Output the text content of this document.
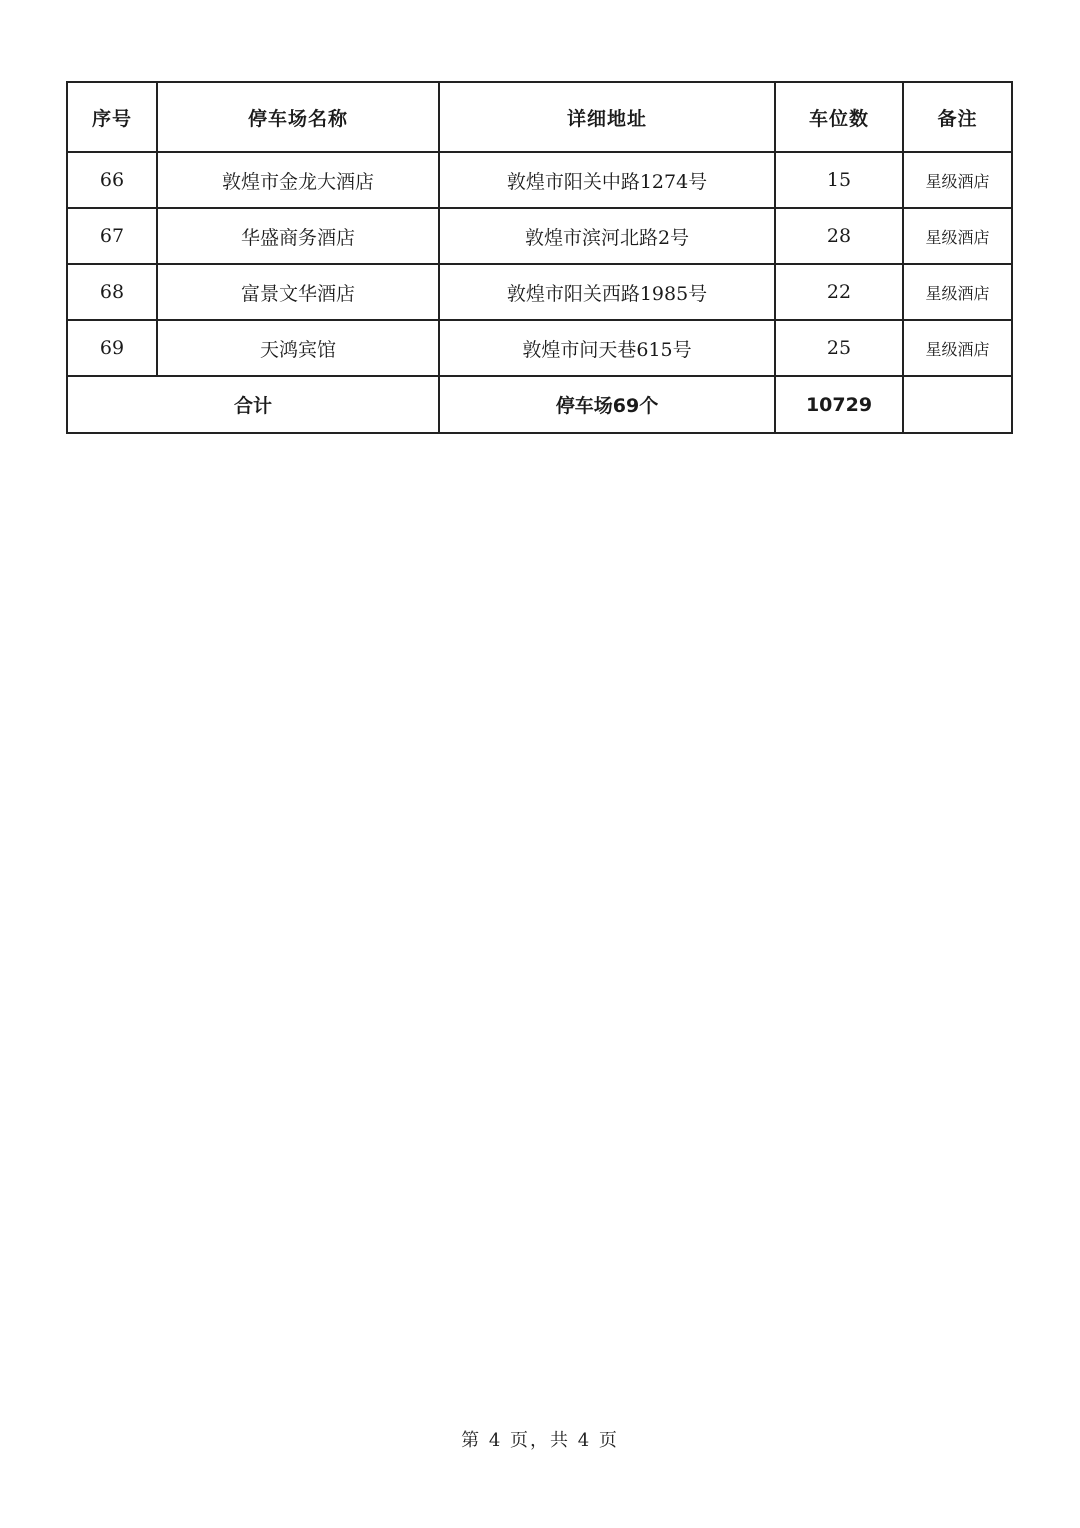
序号	停车场名称	详细地址	车位数	备注
66	敦煌市金龙大酒店	敦煌市阳关中路1274号	15	星级酒店
67	华盛商务酒店	敦煌市滨河北路2号	28	星级酒店
68	富景文华酒店	敦煌市阳关西路1985号	22	星级酒店
69	天鸿宾馆	敦煌市问天巷615号	25	星级酒店
合计		停车场69个	10729	
第 4 页，共 4 页
